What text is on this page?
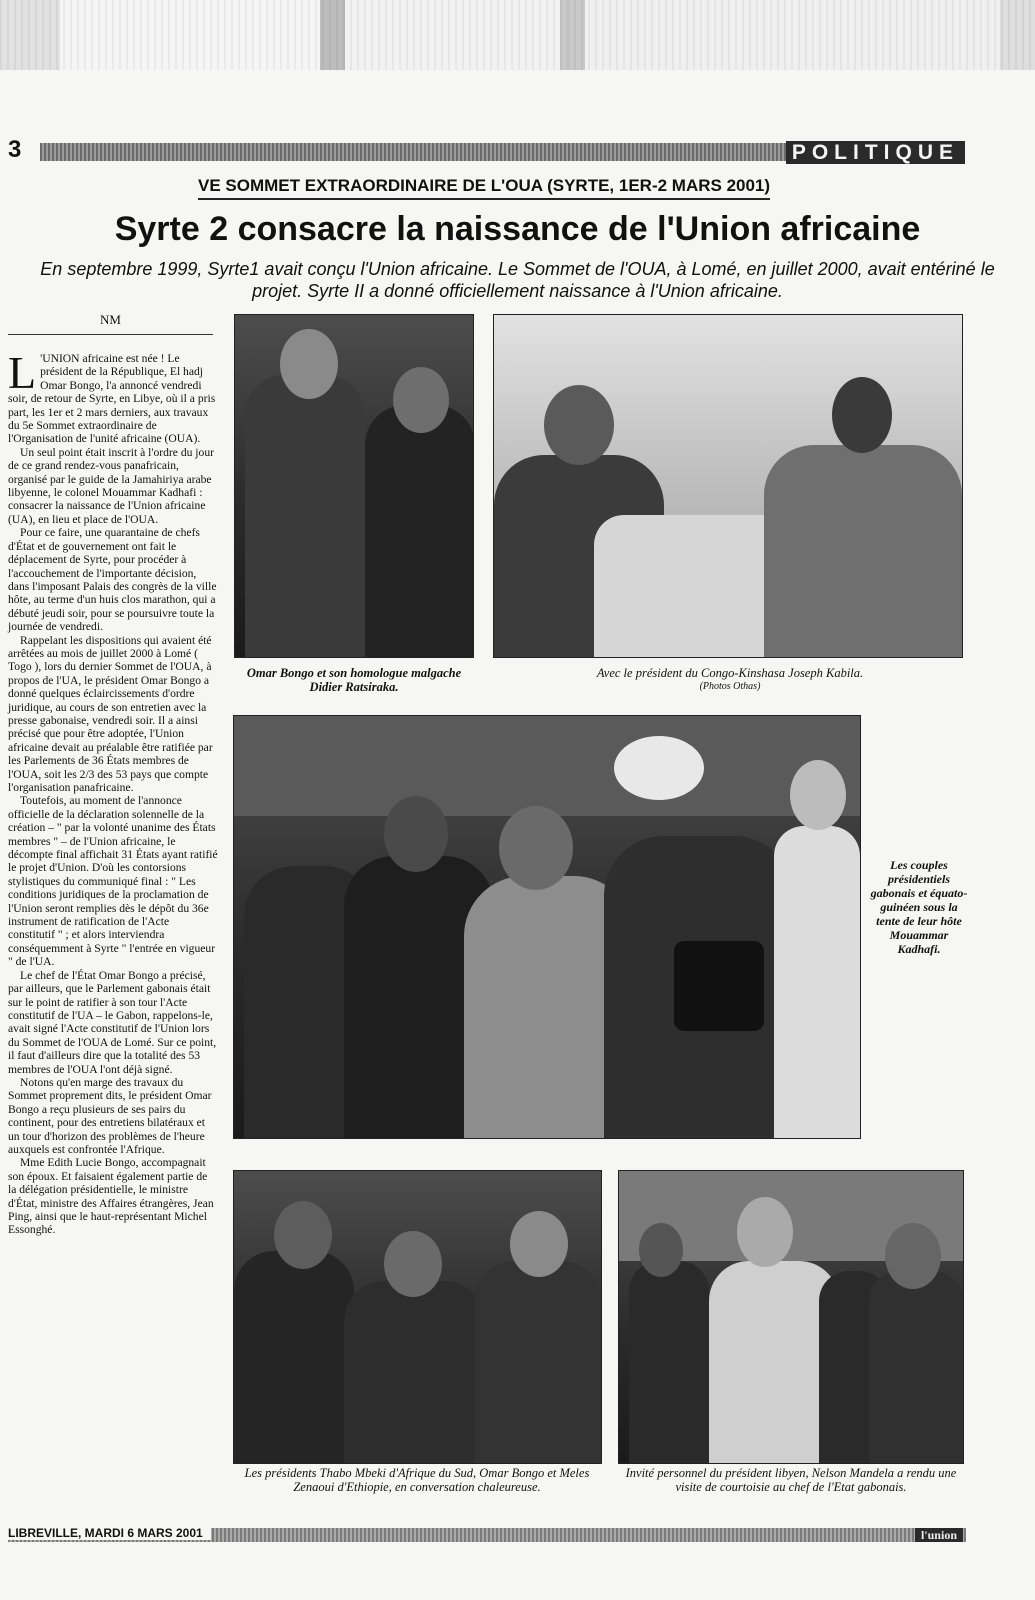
3	POLITIQUE
VE SOMMET EXTRAORDINAIRE DE L'OUA (SYRTE, 1ER-2 MARS 2001)
Syrte 2 consacre la naissance de l'Union africaine
En septembre 1999, Syrte1 avait conçu l'Union africaine. Le Sommet de l'OUA, à Lomé, en juillet 2000, avait entériné le projet. Syrte II a donné officiellement naissance à l'Union africaine.
NM

L 'UNION africaine est née ! Le président de la République, El hadj Omar Bongo, l'a annoncé vendredi soir, de retour de Syrte, en Libye, où il a pris part, les 1er et 2 mars derniers, aux travaux du 5e Sommet extraordinaire de l'Organisation de l'unité africaine (OUA).

Un seul point était inscrit à l'ordre du jour de ce grand rendez-vous panafricain, organisé par le guide de la Jamahiriya arabe libyenne, le colonel Mouammar Kadhafi : consacrer la naissance de l'Union africaine (UA), en lieu et place de l'OUA.

Pour ce faire, une quarantaine de chefs d'État et de gouvernement ont fait le déplacement de Syrte, pour procéder à l'accouchement de l'importante décision, dans l'imposant Palais des congrès de la ville hôte, au terme d'un huis clos marathon, qui a débuté jeudi soir, pour se poursuivre toute la journée de vendredi.

Rappelant les dispositions qui avaient été arrêtées au mois de juillet 2000 à Lomé ( Togo ), lors du dernier Sommet de l'OUA, à propos de l'UA, le président Omar Bongo a donné quelques éclaircissements d'ordre juridique, au cours de son entretien avec la presse gabonaise, vendredi soir. Il a ainsi précisé que pour être adoptée, l'Union africaine devait au préalable être ratifiée par les Parlements de 36 États membres de l'OUA, soit les 2/3 des 53 pays que compte l'organisation panafricaine.

Toutefois, au moment de l'annonce officielle de la déclaration solennelle de la création – " par la volonté unanime des États membres " – de l'Union africaine, le décompte final affichait 31 États ayant ratifié le projet d'Union. D'où les contorsions stylistiques du communiqué final : " Les conditions juridiques de la proclamation de l'Union seront remplies dès le dépôt du 36e instrument de ratification de l'Acte constitutif " ; et alors interviendra conséquemment à Syrte " l'entrée en vigueur " de l'UA.

Le chef de l'État Omar Bongo a précisé, par ailleurs, que le Parlement gabonais était sur le point de ratifier à son tour l'Acte constitutif de l'UA – le Gabon, rappelons-le, avait signé l'Acte constitutif de l'Union lors du Sommet de l'OUA de Lomé. Sur ce point, il faut d'ailleurs dire que la totalité des 53 membres de l'OUA l'ont déjà signé.

Notons qu'en marge des travaux du Sommet proprement dits, le président Omar Bongo a reçu plusieurs de ses pairs du continent, pour des entretiens bilatéraux et un tour d'horizon des problèmes de l'heure auxquels est confrontée l'Afrique.

Mme Edith Lucie Bongo, accompagnait son époux. Et faisaient également partie de la délégation présidentielle, le ministre d'État, ministre des Affaires étrangères, Jean Ping, ainsi que le haut-représentant Michel Essonghé.

Omar Bongo et son homologue malgache Didier Ratsiraka.
Avec le président du Congo-Kinshasa Joseph Kabila.
(Photos Othas)
Les couples présidentiels gabonais et équato-guinéen sous la tente de leur hôte Mouammar Kadhafi.
Les présidents Thabo Mbeki d'Afrique du Sud, Omar Bongo et Meles Zenaoui d'Ethiopie, en conversation chaleureuse.
Invité personnel du président libyen, Nelson Mandela a rendu une visite de courtoisie au chef de l'Etat gabonais.
LIBREVILLE, MARDI 6 MARS 2001	l'union
